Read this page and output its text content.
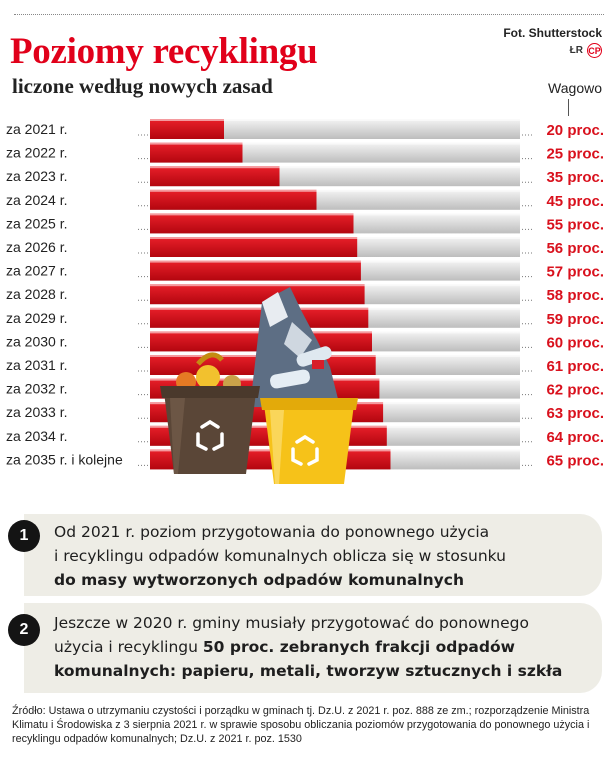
Poziomy recyklingu
liczone według nowych zasad
Fot. Shutterstock
ŁR CP
Wagowo
za 2021 r.	20 proc.
za 2022 r.	25 proc.
za 2023 r.	35 proc.
za 2024 r.	45 proc.
za 2025 r.	55 proc.
za 2026 r.	56 proc.
za 2027 r.	57 proc.
za 2028 r.	58 proc.
za 2029 r.	59 proc.
za 2030 r.	60 proc.
za 2031 r.	61 proc.
za 2032 r.	62 proc.
za 2033 r.	63 proc.
za 2034 r.	64 proc.
za 2035 r. i kolejne	65 proc.
Od 2021 r. poziom przygotowania do ponownego użycia
i recyklingu odpadów komunalnych oblicza się w stosunku
do masy wytworzonych odpadów komunalnych
1
Jeszcze w 2020 r. gminy musiały przygotować do ponownego
użycia i recyklingu 50 proc. zebranych frakcji odpadów
komunalnych: papieru, metali, tworzyw sztucznych i szkła
2
Źródło: Ustawa o utrzymaniu czystości i porządku w gminach tj. Dz.U. z 2021 r. poz. 888 ze zm.; rozporządzenie Ministra Klimatu i Środowiska z 3 sierpnia 2021 r. w sprawie sposobu obliczania poziomów przygotowania do ponownego użycia i recyklingu odpadów komunalnych; Dz.U. z 2021 r. poz. 1530
